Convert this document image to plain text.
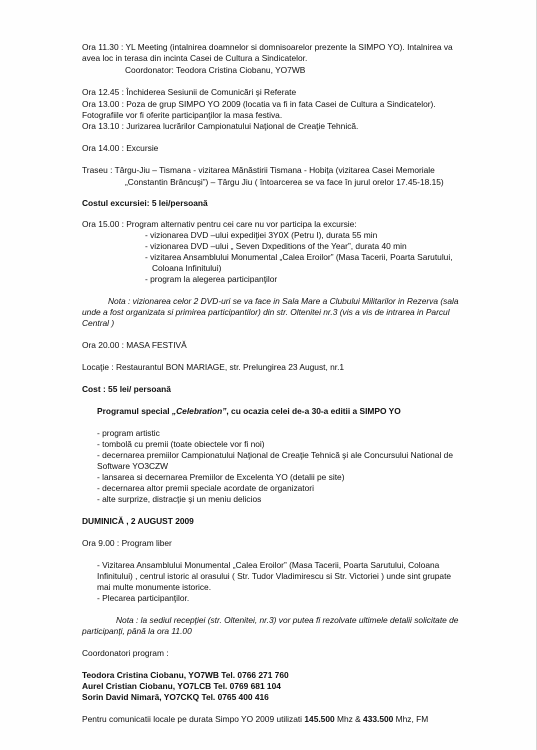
Ora 11.30 : YL Meeting (intalnirea doamnelor si domnisoarelor prezente la SIMPO YO). Intalnirea va
avea loc in terasa din incinta Casei de Cultura a Sindicatelor.
Coordonator: Teodora Cristina Ciobanu, YO7WB
Ora 12.45 : Închiderea Sesiunii de Comunicări şi Referate
Ora 13.00 : Poza de grup SIMPO YO 2009 (locatia va fi in fata Casei de Cultura a Sindicatelor).
Fotografiile vor fi oferite participanţilor la masa festiva.
Ora 13.10 : Jurizarea lucrărilor Campionatului Naţional de Creaţie Tehnică.
Ora 14.00 : Excursie
Traseu : Târgu-Jiu – Tismana - vizitarea Mănăstirii Tismana - Hobiţa (vizitarea Casei Memoriale
„Constantin Brâncuşi”) – Târgu Jiu ( întoarcerea se va face în jurul orelor 17.45-18.15)
Costul excursiei: 5 lei/persoană
Ora 15.00 : Program alternativ pentru cei care nu vor participa la excursie:
- vizionarea DVD –ului expediţiei 3Y0X (Petru I), durata 55 min
- vizionarea DVD –ului „ Seven Dxpeditions of the Year”, durata 40 min
- vizitarea Ansamblului Monumental „Calea Eroilor” (Masa Tacerii, Poarta Sarutului,
Coloana Infinitului)
- program la alegerea participanţilor
Nota : vizionarea celor 2 DVD-uri se va face in Sala Mare a Clubului Militarilor in Rezerva (sala
unde a fost organizata si primirea participantilor) din str. Oltenitei nr.3 (vis a vis de intrarea in Parcul
Central )
Ora 20.00 : MASA FESTIVĂ
Locaţie : Restaurantul BON MARIAGE, str. Prelungirea 23 August, nr.1
Cost : 55 lei/ persoană
Programul special „Celebration”, cu ocazia celei de-a 30-a editii a SIMPO YO
- program artistic
- tombolă cu premii (toate obiectele vor fi noi)
- decernarea premiilor Campionatului Naţional de Creaţie Tehnică şi ale Concursului National de
Software YO3CZW
- lansarea si decernarea Premiilor de Excelenta YO (detalii pe site)
- decernarea altor premii speciale acordate de organizatori
- alte surprize, distracţie şi un meniu delicios
DUMINICĂ , 2 AUGUST 2009
Ora 9.00 : Program liber
- Vizitarea Ansamblului Monumental „Calea Eroilor” (Masa Tacerii, Poarta Sarutului, Coloana
Infinitului) , centrul istoric al orasului ( Str. Tudor Vladimirescu si Str. Victoriei ) unde sint grupate
mai multe monumente istorice.
- Plecarea participanţilor.
Nota : la sediul recepţiei (str. Oltenitei, nr.3) vor putea fi rezolvate ultimele detalii solicitate de
participanţi, până la ora 11.00
Coordonatori program :
Teodora Cristina Ciobanu, YO7WB Tel. 0766 271 760
Aurel Cristian Ciobanu, YO7LCB Tel. 0769 681 104
Sorin David Nimară, YO7CKQ Tel. 0765 400 416
Pentru comunicatii locale pe durata Simpo YO 2009 utilizati 145.500 Mhz & 433.500 Mhz, FM
